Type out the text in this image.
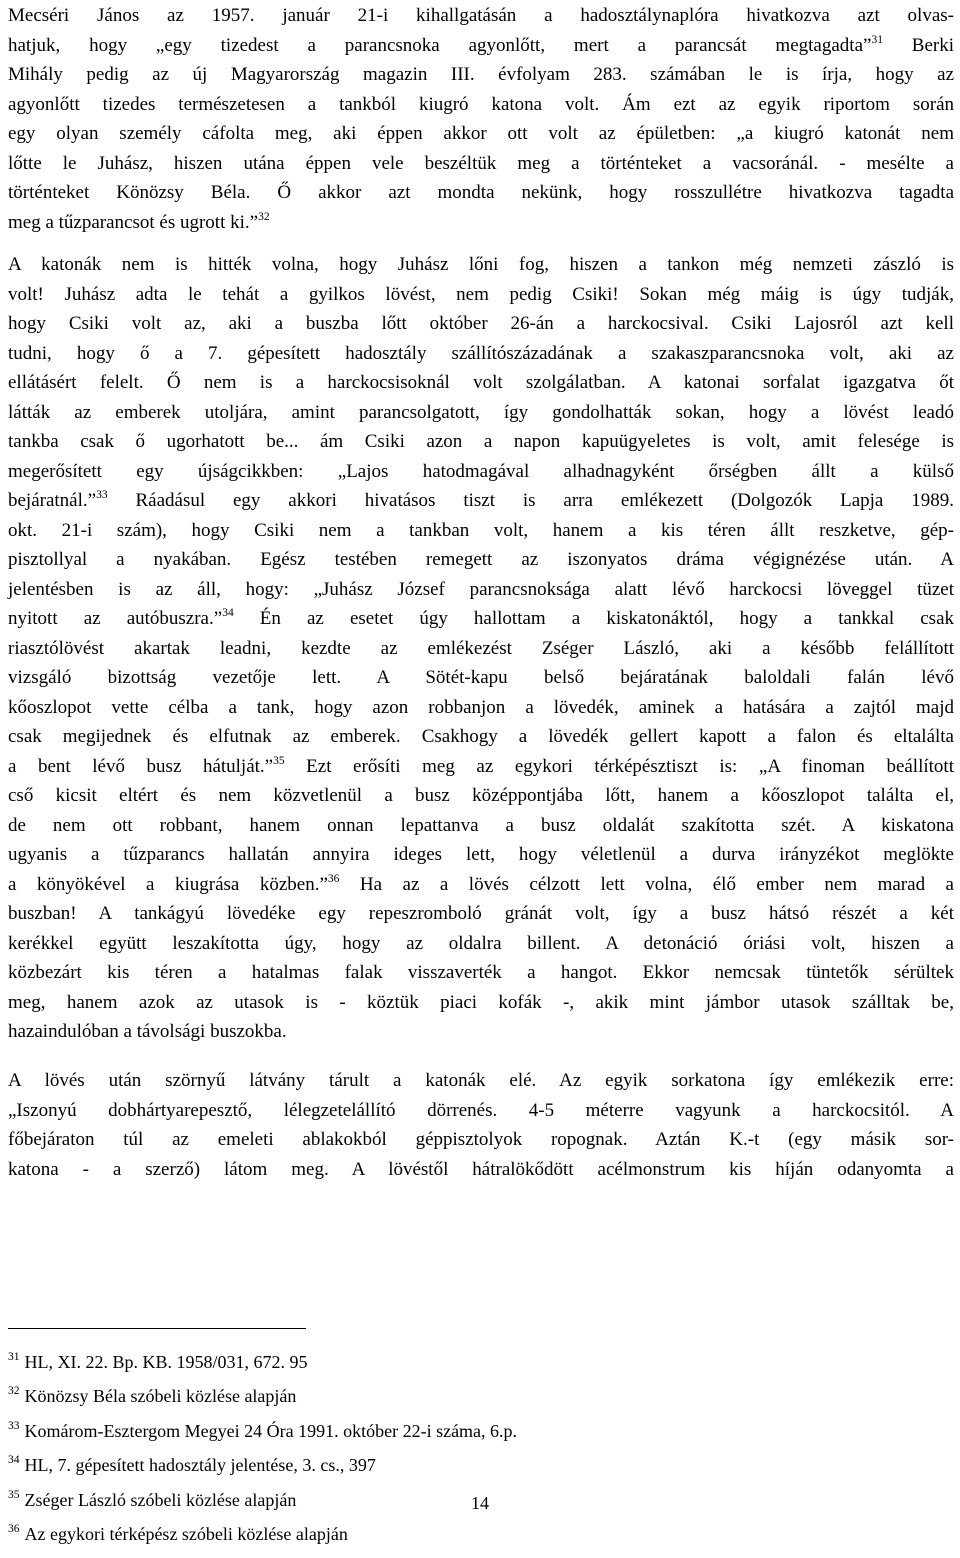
Mecséri János az 1957. január 21-i kihallgatásán a hadosztálynaplóra hivatkozva azt olvas-
hatjuk, hogy „egy tizedest a parancsnoka agyonlőtt, mert a parancsát megtagadta”$^{31}$ Berki
Mihály pedig az új Magyarország magazin III. évfolyam 283. számában le is írja, hogy az
agyonlőtt tizedes természetesen a tankból kiugró katona volt. Ám ezt az egyik riportom során
egy olyan személy cáfolta meg, aki éppen akkor ott volt az épületben: „a kiugró katonát nem
lőtte le Juhász, hiszen utána éppen vele beszéltük meg a történteket a vacsoránál. - mesélte a
történteket Könözsy Béla. Ő akkor azt mondta nekünk, hogy rosszullétre hivatkozva tagadta
meg a tűzparancsot és ugrott ki.”$^{32}$
A katonák nem is hitték volna, hogy Juhász lőni fog, hiszen a tankon még nemzeti zászló is
volt! Juhász adta le tehát a gyilkos lövést, nem pedig Csiki! Sokan még máig is úgy tudják,
hogy Csiki volt az, aki a buszba lőtt október 26-án a harckocsival. Csiki Lajosról azt kell
tudni, hogy ő a 7. gépesített hadosztály szállítószázadának a szakaszparancsnoka volt, aki az
ellátásért felelt. Ő nem is a harckocsisoknál volt szolgálatban. A katonai sorfalat igazgatva őt
látták az emberek utoljára, amint parancsolgatott, így gondolhatták sokan, hogy a lövést leadó
tankba csak ő ugorhatott be... ám Csiki azon a napon kapuügyeletes is volt, amit felesége is
megerősített egy újságcikkben: „Lajos hatodmagával alhadnagyként őrségben állt a külső
bejáratnál.”$^{33}$ Ráadásul egy akkori hivatásos tiszt is arra emlékezett (Dolgozók Lapja 1989.
okt. 21-i szám), hogy Csiki nem a tankban volt, hanem a kis téren állt reszketve, gép-
pisztollyal a nyakában. Egész testében remegett az iszonyatos dráma végignézése után. A
jelentésben is az áll, hogy: „Juhász József parancsnoksága alatt lévő harckocsi löveggel tüzet
nyitott az autóbuszra.”$^{34}$ Én az esetet úgy hallottam a kiskatonáktól, hogy a tankkal csak
riasztólövést akartak leadni, kezdte az emlékezést Zséger László, aki a később felállított
vizsgáló bizottság vezetője lett. A Sötét-kapu belső bejáratának baloldali falán lévő
kőoszlopot vette célba a tank, hogy azon robbanjon a lövedék, aminek a hatására a zajtól majd
csak megijednek és elfutnak az emberek. Csakhogy a lövedék gellert kapott a falon és eltalálta
a bent lévő busz hátulját.”$^{35}$ Ezt erősíti meg az egykori térképésztiszt is: „A finoman beállított
cső kicsit eltért és nem közvetlenül a busz középpontjába lőtt, hanem a kőoszlopot találta el,
de nem ott robbant, hanem onnan lepattanva a busz oldalát szakította szét. A kiskatona
ugyanis a tűzparancs hallatán annyira ideges lett, hogy véletlenül a durva irányzékot meglökte
a könyökével a kiugrása közben.”$^{36}$ Ha az a lövés célzott lett volna, élő ember nem marad a
buszban! A tankágyú lövedéke egy repeszromboló gránát volt, így a busz hátsó részét a két
kerékkel együtt leszakította úgy, hogy az oldalra billent. A detonáció óriási volt, hiszen a
közbezárt kis téren a hatalmas falak visszaverték a hangot. Ekkor nemcsak tüntetők sérültek
meg, hanem azok az utasok is - köztük piaci kofák -, akik mint jámbor utasok szálltak be,
hazaindulóban a távolsági buszokba.
A lövés után szörnyű látvány tárult a katonák elé. Az egyik sorkatona így emlékezik erre:
„Iszonyú dobhártyarepesztő, lélegzetelállító dörrenés. 4-5 méterre vagyunk a harckocsitól. A
főbejáraton túl az emeleti ablakokból géppisztolyok ropognak. Aztán K.-t (egy másik sor-
katona - a szerző) látom meg. A lövéstől hátralökődött acélmonstrum kis híján odanyomta a
$^{31}$ HL, XI. 22. Bp. KB. 1958/031, 672. 95
$^{32}$ Könözsy Béla szóbeli közlése alapján
$^{33}$ Komárom-Esztergom Megyei 24 Óra 1991. október 22-i száma, 6.p.
$^{34}$ HL, 7. gépesített hadosztály jelentése, 3. cs., 397
$^{35}$ Zséger László szóbeli közlése alapján
$^{36}$ Az egykori térképész szóbeli közlése alapján
14
